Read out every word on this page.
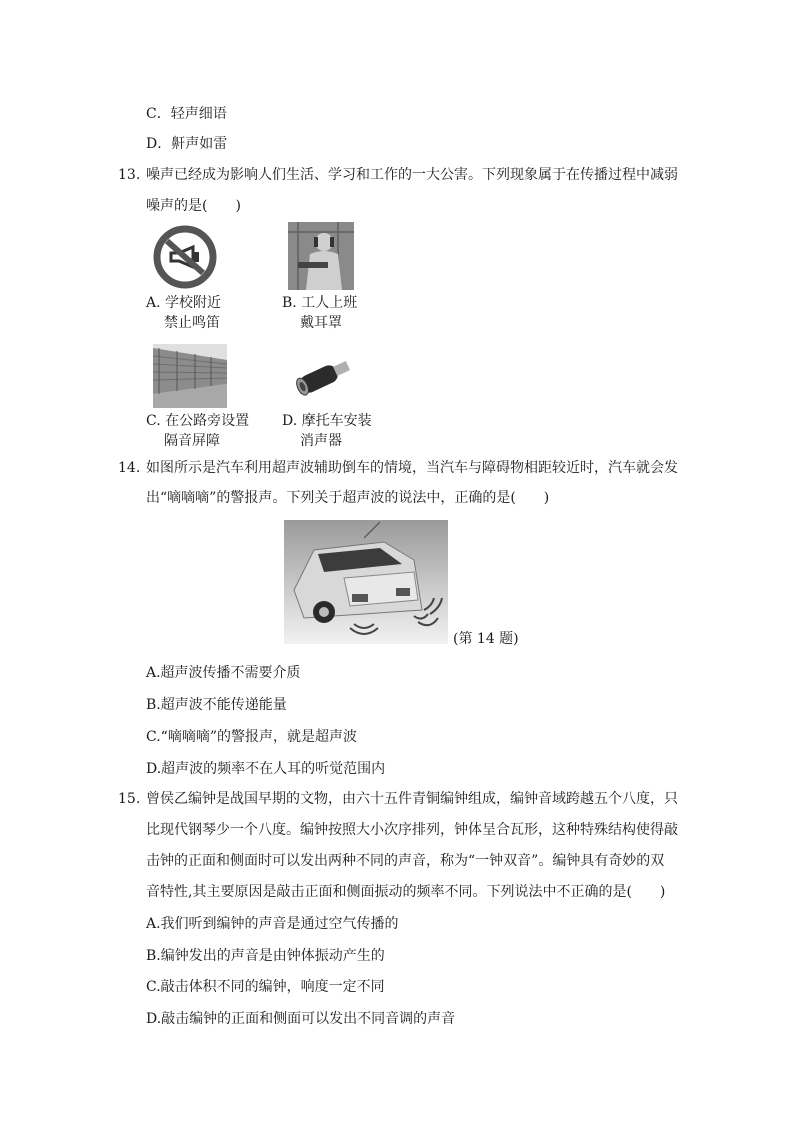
C．轻声细语
D．鼾声如雷
13. 噪声已经成为影响人们生活、学习和工作的一大公害。下列现象属于在传播过程中减弱
噪声的是(　　)
A. 学校附近
禁止鸣笛
B. 工人上班
戴耳罩
C. 在公路旁设置
隔音屏障
D. 摩托车安装
消声器
14. 如图所示是汽车利用超声波辅助倒车的情境，当汽车与障碍物相距较近时，汽车就会发
出“嘀嘀嘀”的警报声。下列关于超声波的说法中，正确的是(　　)
(第 14 题)
A.超声波传播不需要介质
B.超声波不能传递能量
C.“嘀嘀嘀”的警报声，就是超声波
D.超声波的频率不在人耳的听觉范围内
15. 曾侯乙编钟是战国早期的文物，由六十五件青铜编钟组成，编钟音域跨越五个八度，只
比现代钢琴少一个八度。编钟按照大小次序排列，钟体呈合瓦形，这种特殊结构使得敲
击钟的正面和侧面时可以发出两种不同的声音，称为“一钟双音”。编钟具有奇妙的双
音特性,其主要原因是敲击正面和侧面振动的频率不同。下列说法中不正确的是(　　)
A.我们听到编钟的声音是通过空气传播的
B.编钟发出的声音是由钟体振动产生的
C.敲击体积不同的编钟，响度一定不同
D.敲击编钟的正面和侧面可以发出不同音调的声音
